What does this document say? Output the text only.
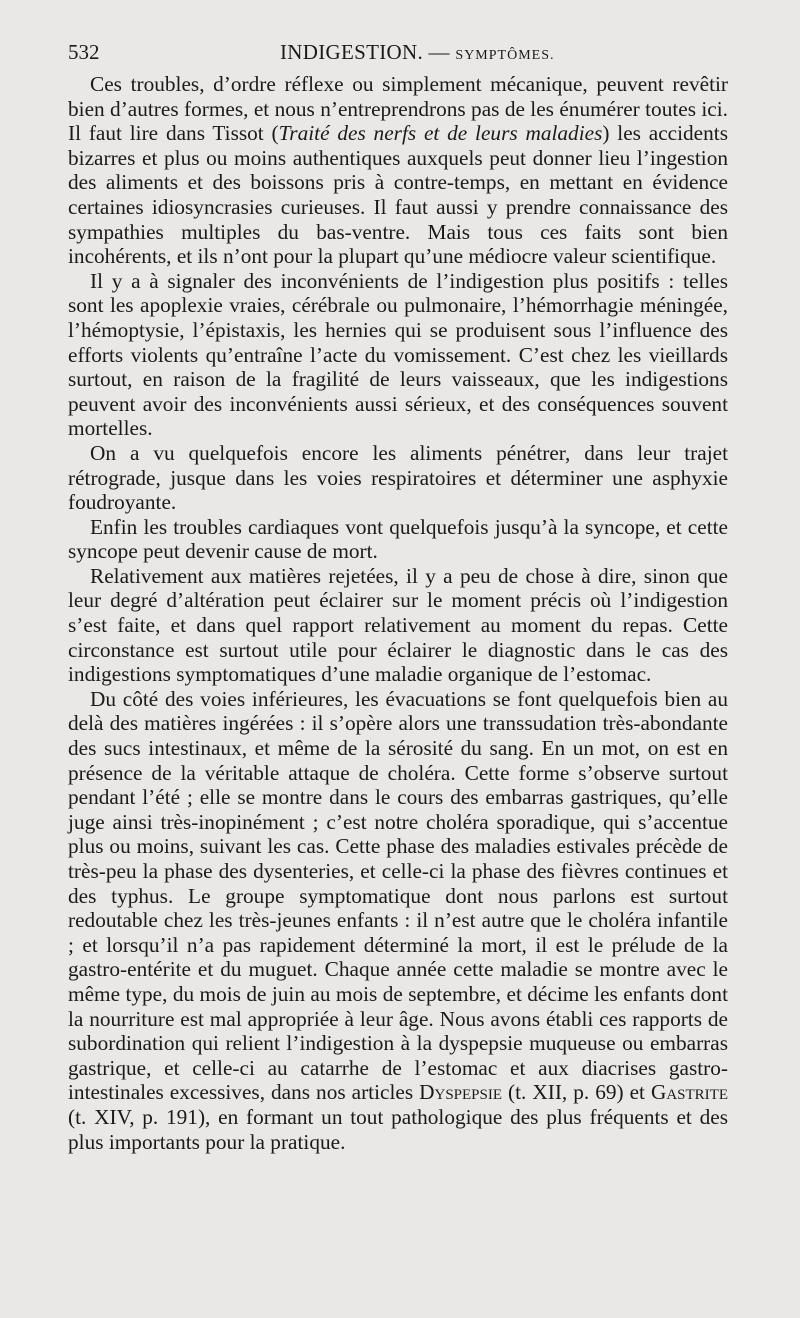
532	INDIGESTION. — SYMPTÔMES.

Ces troubles, d’ordre réflexe ou simplement mécanique, peuvent revêtir bien d’autres formes, et nous n’entreprendrons pas de les énumérer toutes ici. Il faut lire dans Tissot (Traité des nerfs et de leurs maladies) les accidents bizarres et plus ou moins authentiques auxquels peut donner lieu l’ingestion des aliments et des boissons pris à contre-temps, en mettant en évidence certaines idiosyncrasies curieuses. Il faut aussi y prendre connaissance des sympathies multiples du bas-ventre. Mais tous ces faits sont bien incohérents, et ils n’ont pour la plupart qu’une médiocre valeur scientifique.

Il y a à signaler des inconvénients de l’indigestion plus positifs : telles sont les apoplexie vraies, cérébrale ou pulmonaire, l’hémorrhagie méningée, l’hémoptysie, l’épistaxis, les hernies qui se produisent sous l’influence des efforts violents qu’entraîne l’acte du vomissement. C’est chez les vieillards surtout, en raison de la fragilité de leurs vaisseaux, que les indigestions peuvent avoir des inconvénients aussi sérieux, et des conséquences souvent mortelles.

On a vu quelquefois encore les aliments pénétrer, dans leur trajet rétrograde, jusque dans les voies respiratoires et déterminer une asphyxie foudroyante.

Enfin les troubles cardiaques vont quelquefois jusqu’à la syncope, et cette syncope peut devenir cause de mort.

Relativement aux matières rejetées, il y a peu de chose à dire, sinon que leur degré d’altération peut éclairer sur le moment précis où l’indigestion s’est faite, et dans quel rapport relativement au moment du repas. Cette circonstance est surtout utile pour éclairer le diagnostic dans le cas des indigestions symptomatiques d’une maladie organique de l’estomac.

Du côté des voies inférieures, les évacuations se font quelquefois bien au delà des matières ingérées : il s’opère alors une transsudation très-abondante des sucs intestinaux, et même de la sérosité du sang. En un mot, on est en présence de la véritable attaque de choléra. Cette forme s’observe surtout pendant l’été ; elle se montre dans le cours des embarras gastriques, qu’elle juge ainsi très-inopinément ; c’est notre choléra sporadique, qui s’accentue plus ou moins, suivant les cas. Cette phase des maladies estivales précède de très-peu la phase des dysenteries, et celle-ci la phase des fièvres continues et des typhus. Le groupe symptomatique dont nous parlons est surtout redoutable chez les très-jeunes enfants : il n’est autre que le choléra infantile ; et lorsqu’il n’a pas rapidement déterminé la mort, il est le prélude de la gastro-entérite et du muguet. Chaque année cette maladie se montre avec le même type, du mois de juin au mois de septembre, et décime les enfants dont la nourriture est mal appropriée à leur âge. Nous avons établi ces rapports de subordination qui relient l’indigestion à la dyspepsie muqueuse ou embarras gastrique, et celle-ci au catarrhe de l’estomac et aux diacrises gastro-intestinales excessives, dans nos articles Dyspepsie (t. XII, p. 69) et Gastrite (t. XIV, p. 191), en formant un tout pathologique des plus fréquents et des plus importants pour la pratique.
